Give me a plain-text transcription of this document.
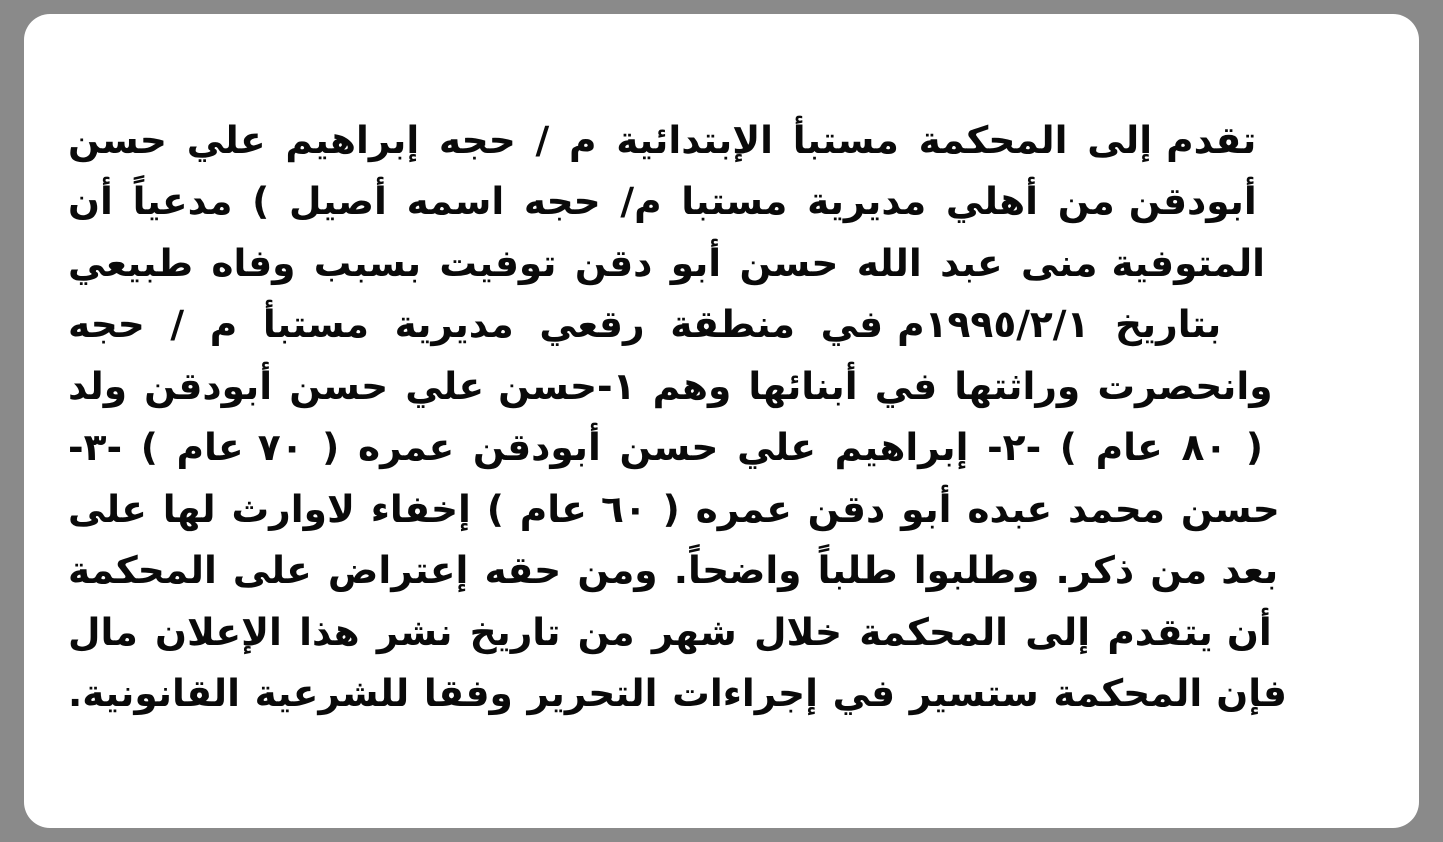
تقدم إلى المحكمة مستبأ الإبتدائية م / حجه إبراهيم علي حسن
أبودقن من أهلي مديرية مستبا م/ حجه اسمه أصيل ) مدعياً أن
المتوفية منى عبد الله حسن أبو دقن توفيت بسبب وفاه طبيعي
بتاريخ ١٩٩٥/٢/١م في منطقة رقعي مديرية مستبأ م / حجه
وانحصرت وراثتها في أبنائها وهم ١-حسن علي حسن أبودقن ولد
( ٨٠ عام ) -٢- إبراهيم علي حسن أبودقن عمره ( ٧٠ عام ) -٣-
حسن محمد عبده أبو دقن عمره ( ٦٠ عام ) إخفاء لاوارث لها على
بعد من ذكر. وطلبوا طلباً واضحاً. ومن حقه إعتراض على المحكمة
أن يتقدم إلى المحكمة خلال شهر من تاريخ نشر هذا الإعلان مال
فإن المحكمة ستسير في إجراءات التحرير وفقا للشرعية القانونية.
